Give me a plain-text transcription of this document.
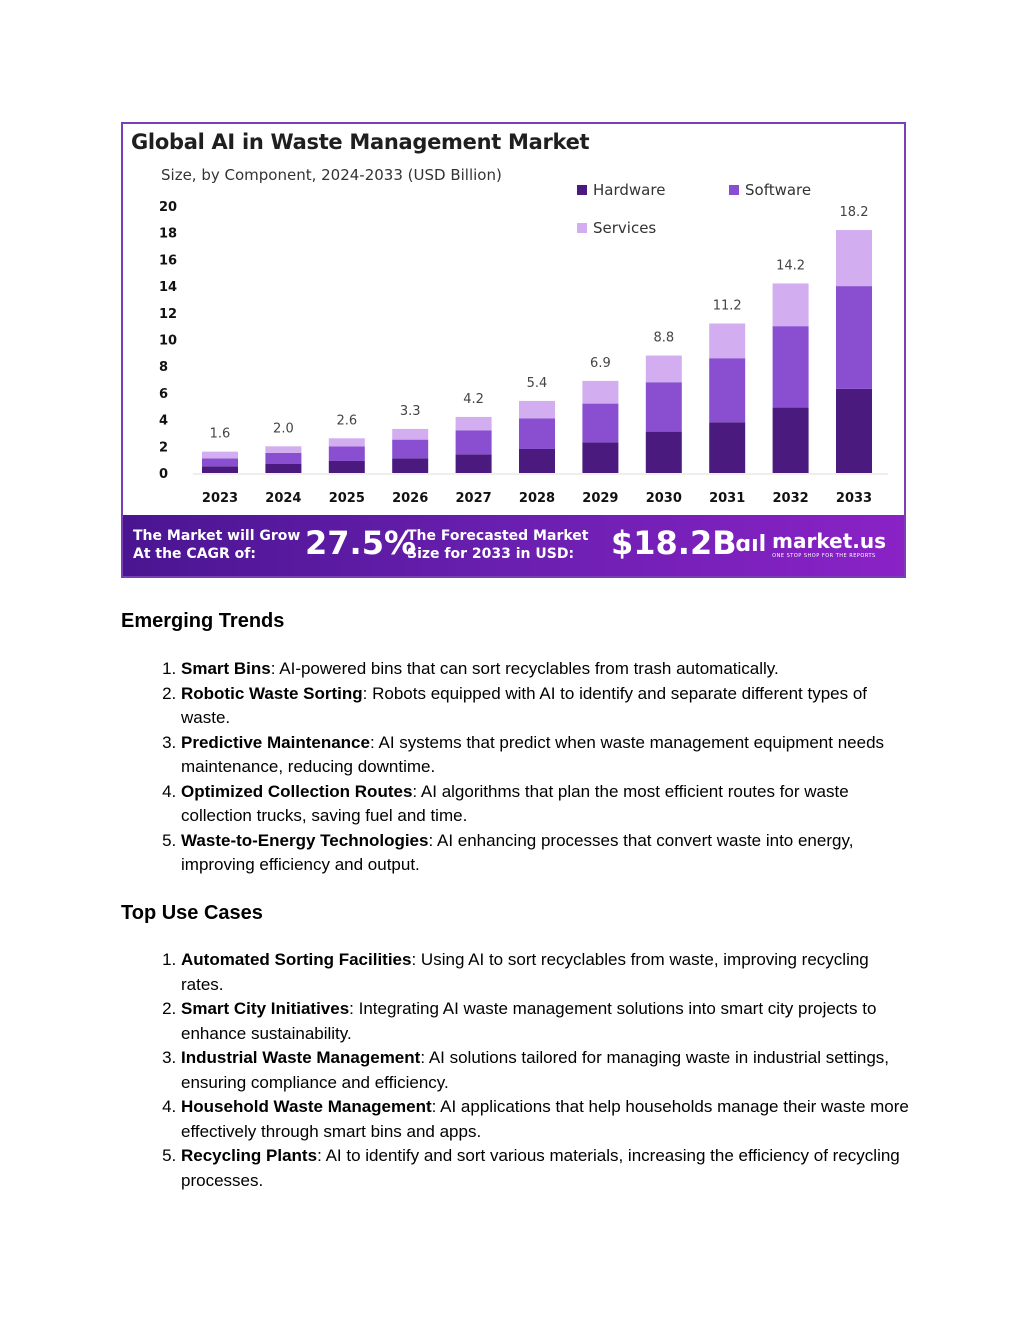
Global AI in Waste Management Market
Size, by Component, 2024-2033 (USD Billion)
Hardware	Software
Services
0
2
4
6
8
10
12
14
16
18
20
1.6
2023
2.0
2024
2.6
2025
3.3
2026
4.2
2027
5.4
2028
6.9
2029
8.8
2030
11.2
2031
14.2
2032
18.2
2033
The Market will Grow
At the CAGR of:	27.5%
The Forecasted Market
Size for 2033 in USD:	$18.2B
ɑıl market.us
ONE STOP SHOP FOR THE REPORTS
Emerging Trends
1. Smart Bins: AI-powered bins that can sort recyclables from trash automatically.
2. Robotic Waste Sorting: Robots equipped with AI to identify and separate different types of waste.
3. Predictive Maintenance: AI systems that predict when waste management equipment needs maintenance, reducing downtime.
4. Optimized Collection Routes: AI algorithms that plan the most efficient routes for waste collection trucks, saving fuel and time.
5. Waste-to-Energy Technologies: AI enhancing processes that convert waste into energy, improving efficiency and output.
Top Use Cases
1. Automated Sorting Facilities: Using AI to sort recyclables from waste, improving recycling rates.
2. Smart City Initiatives: Integrating AI waste management solutions into smart city projects to enhance sustainability.
3. Industrial Waste Management: AI solutions tailored for managing waste in industrial settings, ensuring compliance and efficiency.
4. Household Waste Management: AI applications that help households manage their waste more effectively through smart bins and apps.
5. Recycling Plants: AI to identify and sort various materials, increasing the efficiency of recycling processes.
